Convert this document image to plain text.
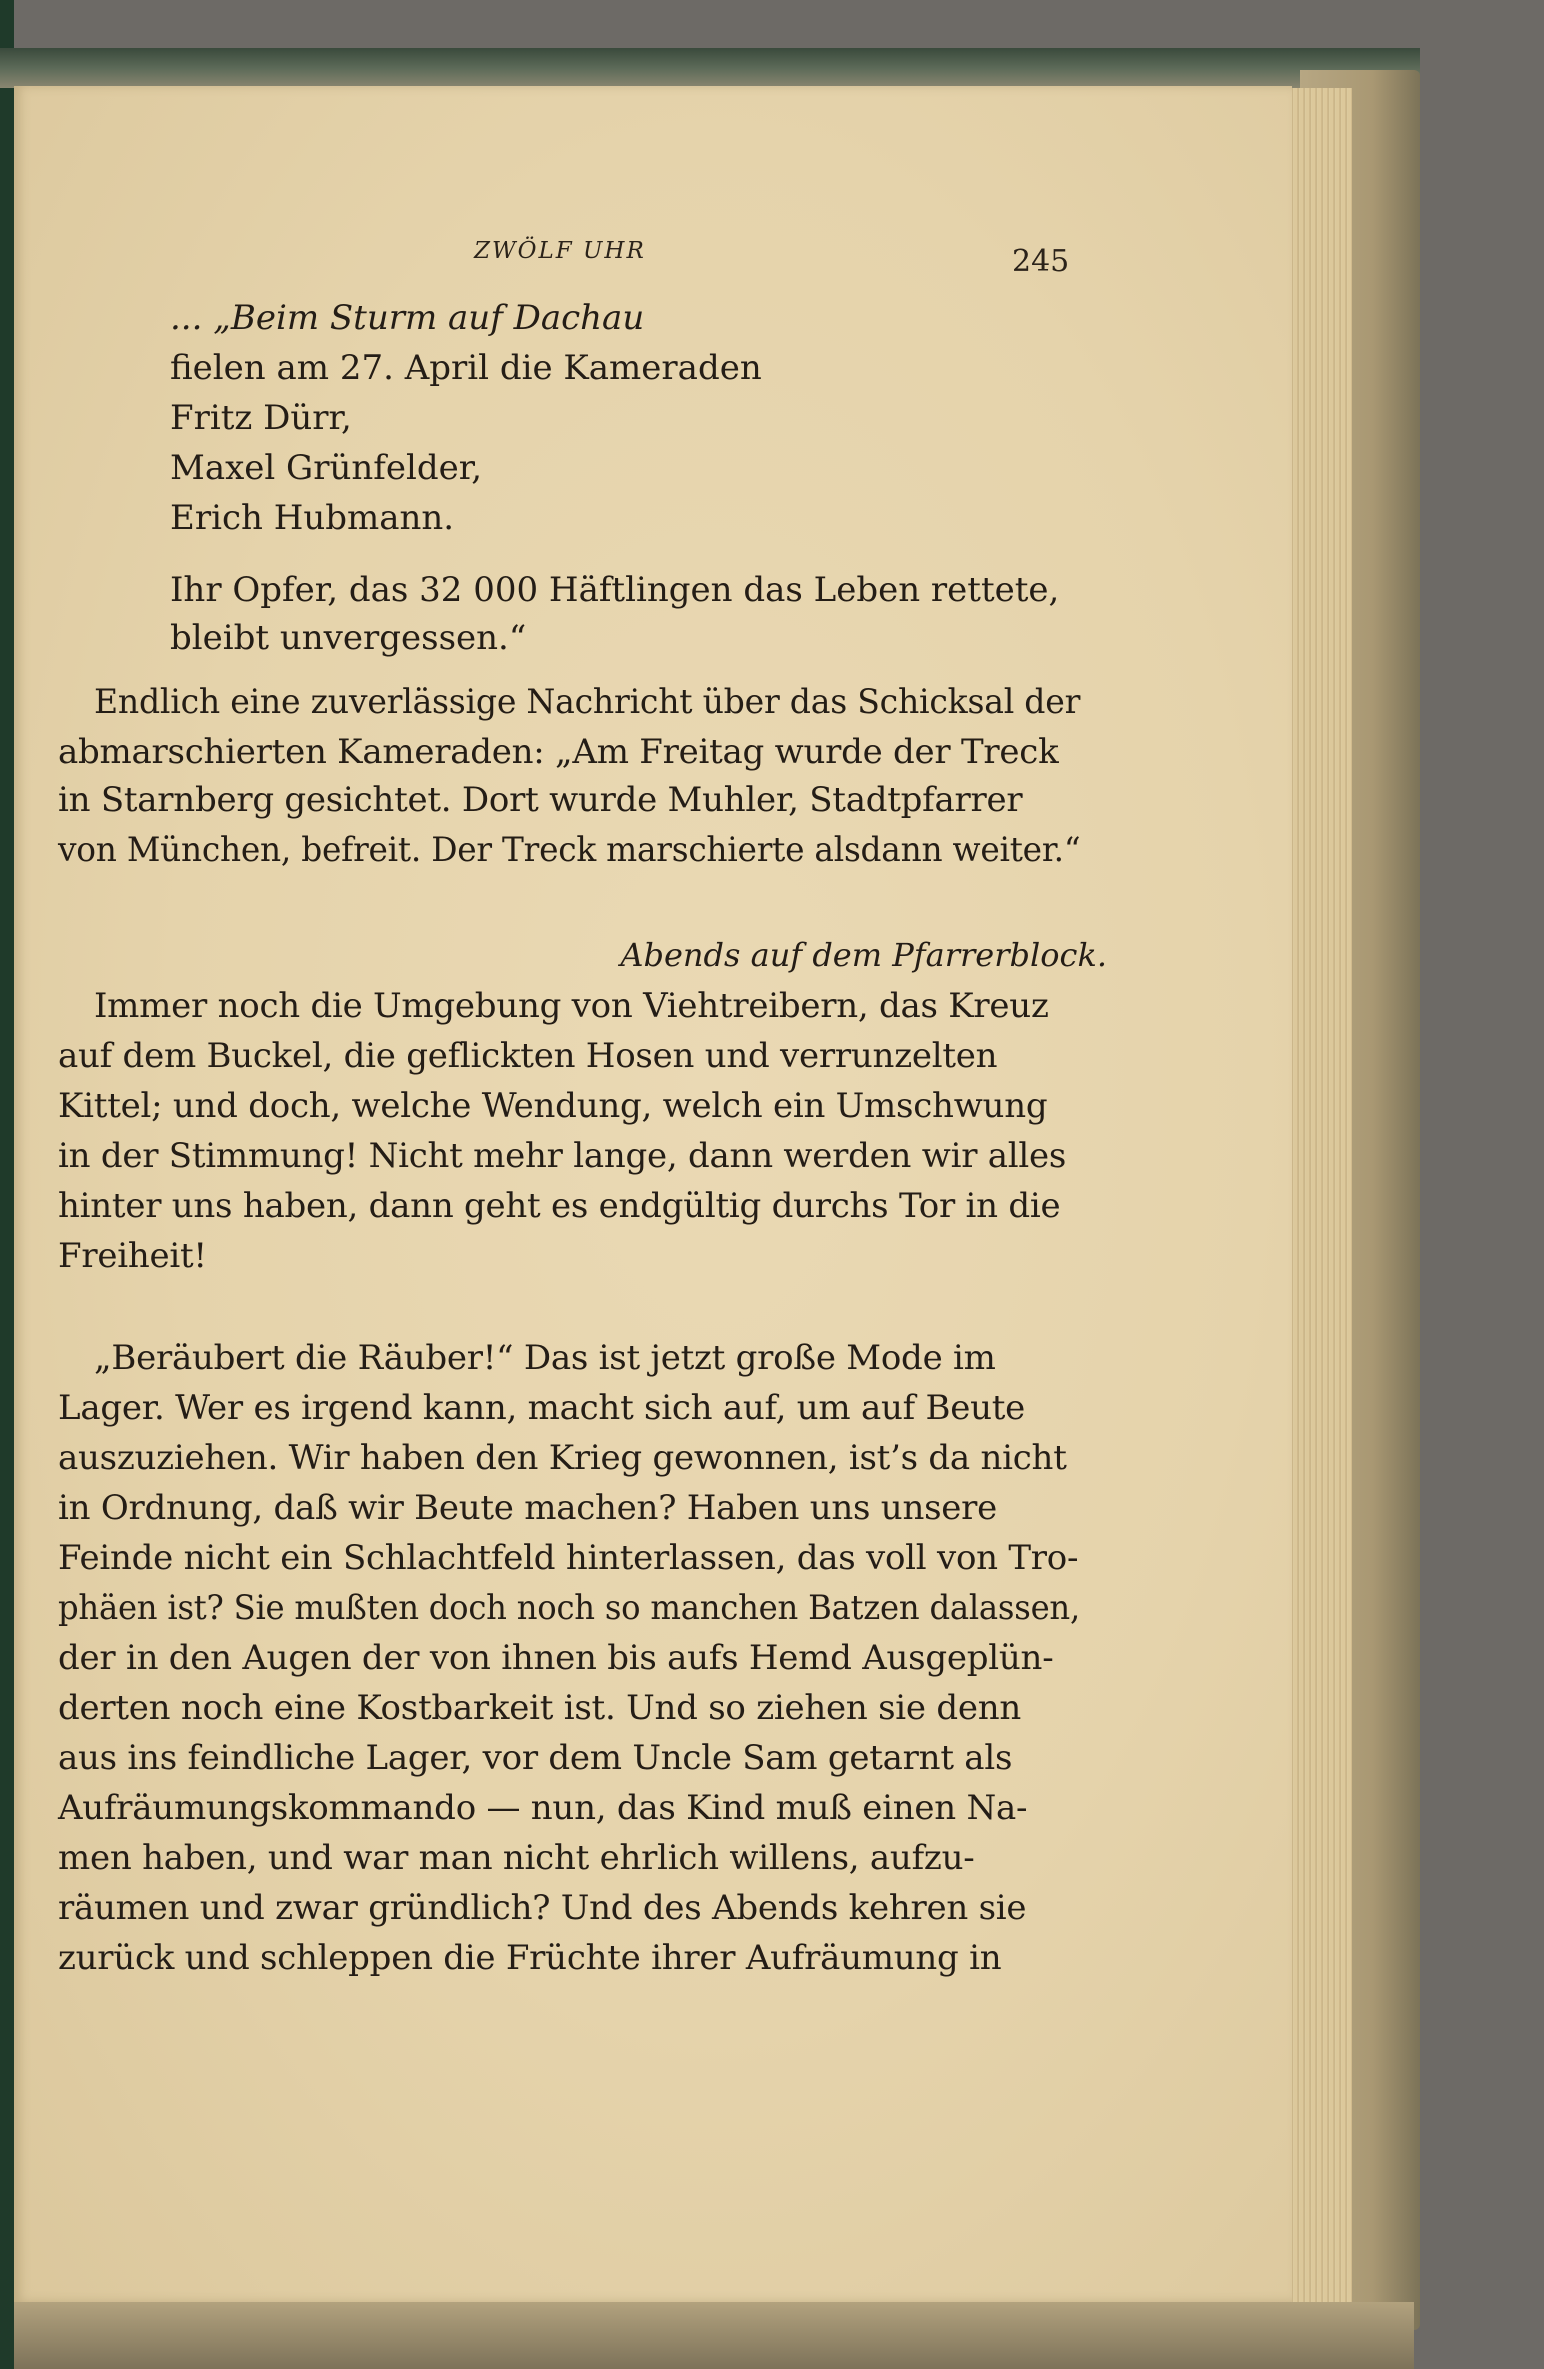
ZWÖLF UHR	245
... „Beim Sturm auf Dachau
fielen am 27. April die Kameraden
Fritz Dürr,
Maxel Grünfelder,
Erich Hubmann.
Ihr Opfer, das 32 000 Häftlingen das Leben rettete,
bleibt unvergessen.“
Endlich eine zuverlässige Nachricht über das Schicksal der
abmarschierten Kameraden: „Am Freitag wurde der Treck
in Starnberg gesichtet. Dort wurde Muhler, Stadtpfarrer
von München, befreit. Der Treck marschierte alsdann weiter.“
Abends auf dem Pfarrerblock.
Immer noch die Umgebung von Viehtreibern, das Kreuz
auf dem Buckel, die geflickten Hosen und verrunzelten
Kittel; und doch, welche Wendung, welch ein Umschwung
in der Stimmung! Nicht mehr lange, dann werden wir alles
hinter uns haben, dann geht es endgültig durchs Tor in die
Freiheit!
„Beräubert die Räuber!“ Das ist jetzt große Mode im
Lager. Wer es irgend kann, macht sich auf, um auf Beute
auszuziehen. Wir haben den Krieg gewonnen, ist’s da nicht
in Ordnung, daß wir Beute machen? Haben uns unsere
Feinde nicht ein Schlachtfeld hinterlassen, das voll von Tro-
phäen ist? Sie mußten doch noch so manchen Batzen dalassen,
der in den Augen der von ihnen bis aufs Hemd Ausgeplün-
derten noch eine Kostbarkeit ist. Und so ziehen sie denn
aus ins feindliche Lager, vor dem Uncle Sam getarnt als
Aufräumungskommando — nun, das Kind muß einen Na-
men haben, und war man nicht ehrlich willens, aufzu-
räumen und zwar gründlich? Und des Abends kehren sie
zurück und schleppen die Früchte ihrer Aufräumung in
